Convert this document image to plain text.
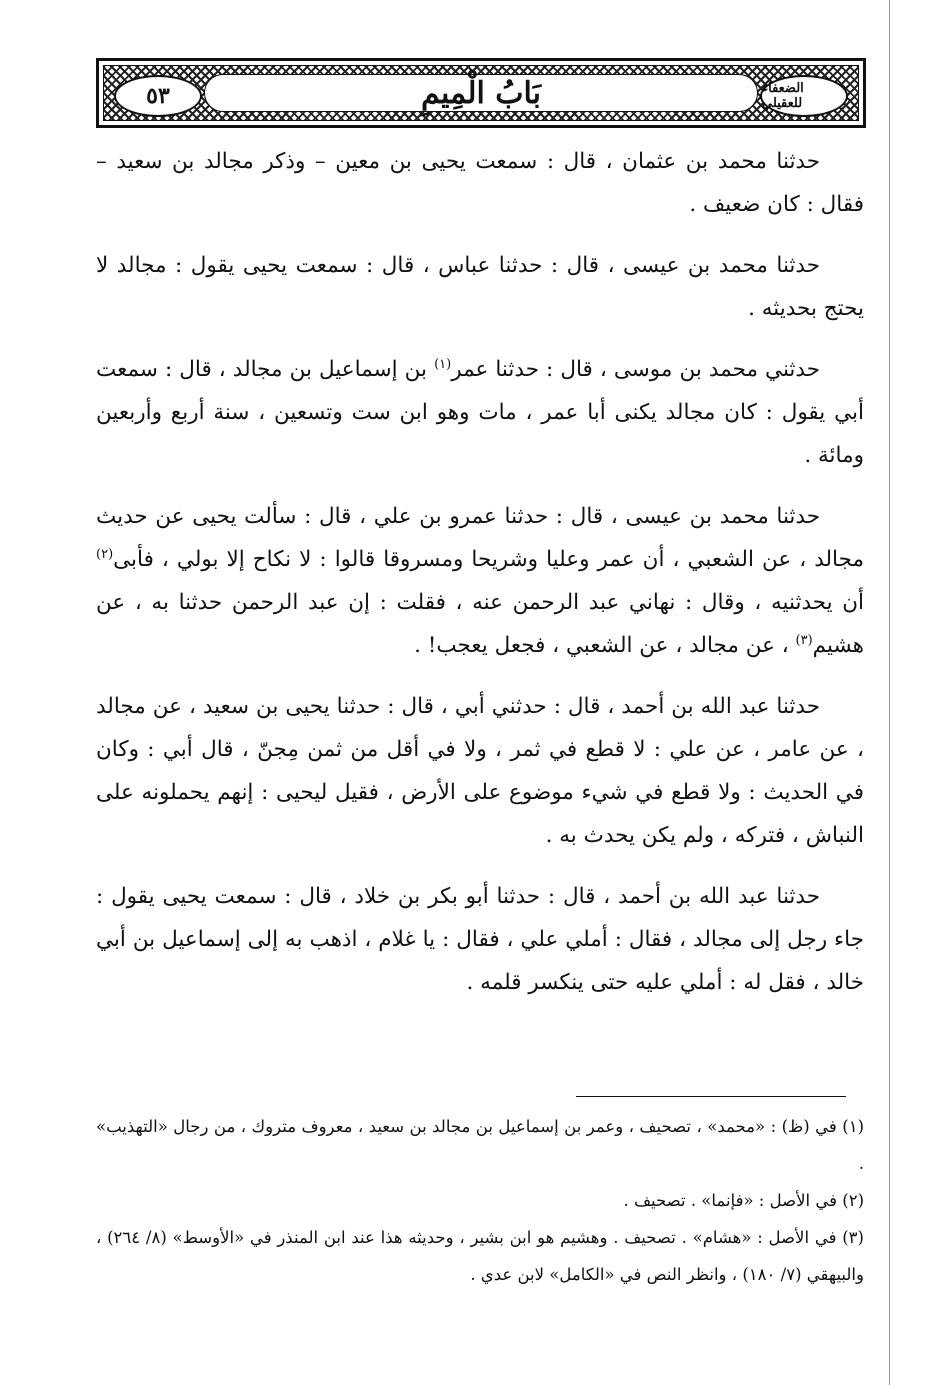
٥٣	بَابُ الْمِيمِ	الضعفاء للعقيلي

حدثنا محمد بن عثمان ، قال : سمعت يحيى بن معين – وذكر مجالد بن سعيد – فقال : كان ضعيف .

حدثنا محمد بن عيسى ، قال : حدثنا عباس ، قال : سمعت يحيى يقول : مجالد لا يحتج بحديثه .

حدثني محمد بن موسى ، قال : حدثنا عمر$^{(١)}$ بن إسماعيل بن مجالد ، قال : سمعت أبي يقول : كان مجالد يكنى أبا عمر ، مات وهو ابن ست وتسعين ، سنة أربع وأربعين ومائة .

حدثنا محمد بن عيسى ، قال : حدثنا عمرو بن علي ، قال : سألت يحيى عن حديث مجالد ، عن الشعبي ، أن عمر وعليا وشريحا ومسروقا قالوا : لا نكاح إلا بولي ، فأبى$^{(٢)}$ أن يحدثنيه ، وقال : نهاني عبد الرحمن عنه ، فقلت : إن عبد الرحمن حدثنا به ، عن هشيم$^{(٣)}$ ، عن مجالد ، عن الشعبي ، فجعل يعجب! .

حدثنا عبد الله بن أحمد ، قال : حدثني أبي ، قال : حدثنا يحيى بن سعيد ، عن مجالد ، عن عامر ، عن علي : لا قطع في ثمر ، ولا في أقل من ثمن مِجنّ ، قال أبي : وكان في الحديث : ولا قطع في شيء موضوع على الأرض ، فقيل ليحيى : إنهم يحملونه على النباش ، فتركه ، ولم يكن يحدث به .

حدثنا عبد الله بن أحمد ، قال : حدثنا أبو بكر بن خلاد ، قال : سمعت يحيى يقول : جاء رجل إلى مجالد ، فقال : أملي علي ، فقال : يا غلام ، اذهب به إلى إسماعيل بن أبي خالد ، فقل له : أملي عليه حتى ينكسر قلمه .

(١) في (ظ) : «محمد» ، تصحيف ، وعمر بن إسماعيل بن مجالد بن سعيد ، معروف متروك ، من رجال «التهذيب» .

(٢) في الأصل : «فإنما» . تصحيف .

(٣) في الأصل : «هشام» . تصحيف . وهشيم هو ابن بشير ، وحديثه هذا عند ابن المنذر في «الأوسط» (٨/ ٢٦٤) ، والبيهقي (٧/ ١٨٠) ، وانظر النص في «الكامل» لابن عدي .
